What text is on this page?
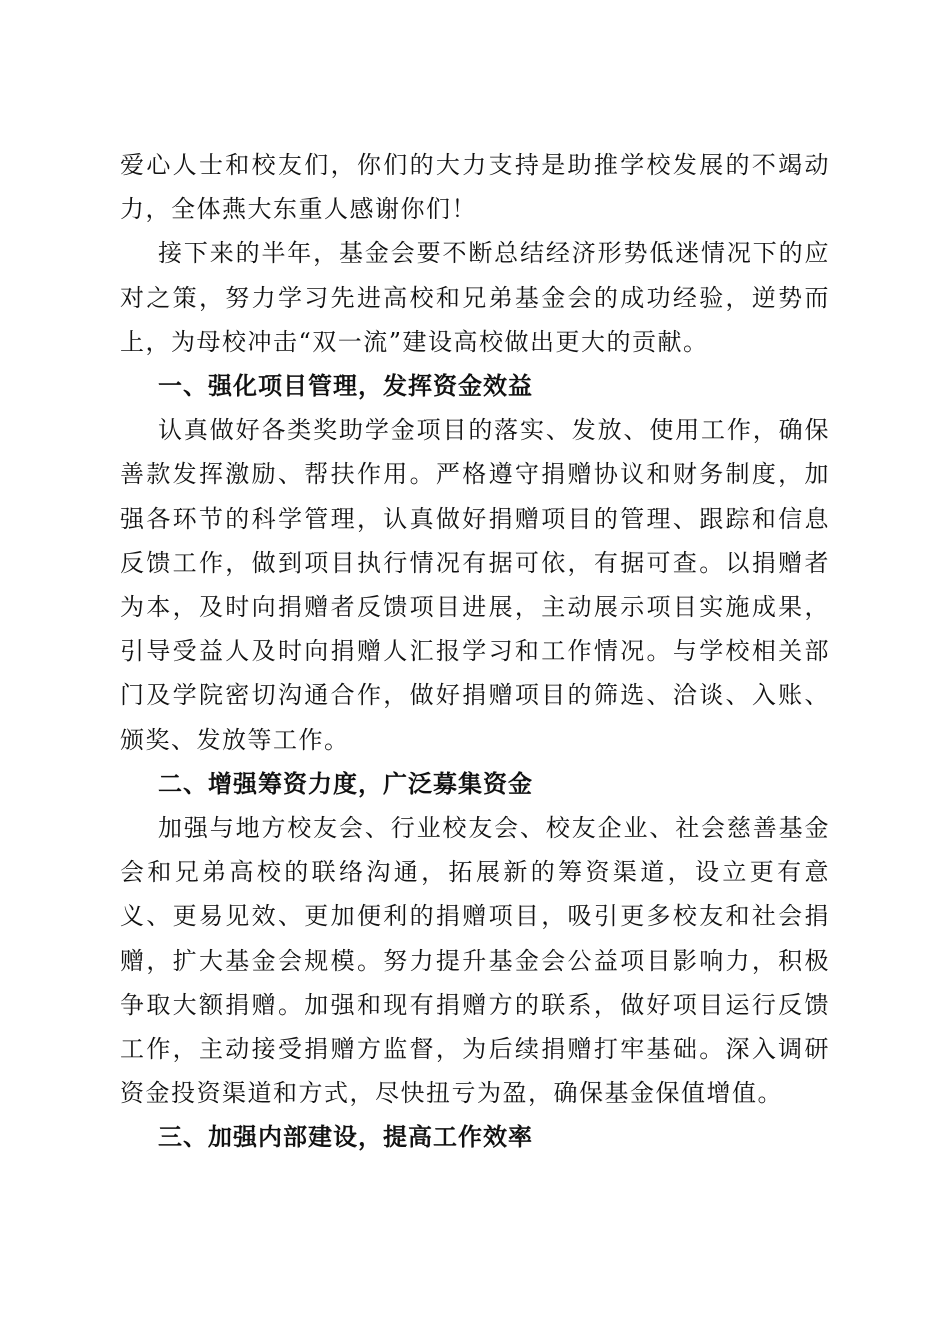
爱心人士和校友们，你们的大力支持是助推学校发展的不竭动力，全体燕大东重人感谢你们！

接下来的半年，基金会要不断总结经济形势低迷情况下的应对之策，努力学习先进高校和兄弟基金会的成功经验，逆势而上，为母校冲击“双一流”建设高校做出更大的贡献。

一、强化项目管理，发挥资金效益

认真做好各类奖助学金项目的落实、发放、使用工作，确保善款发挥激励、帮扶作用。严格遵守捐赠协议和财务制度，加强各环节的科学管理，认真做好捐赠项目的管理、跟踪和信息反馈工作，做到项目执行情况有据可依，有据可查。以捐赠者为本，及时向捐赠者反馈项目进展，主动展示项目实施成果，引导受益人及时向捐赠人汇报学习和工作情况。与学校相关部门及学院密切沟通合作，做好捐赠项目的筛选、洽谈、入账、颁奖、发放等工作。

二、增强筹资力度，广泛募集资金

加强与地方校友会、行业校友会、校友企业、社会慈善基金会和兄弟高校的联络沟通，拓展新的筹资渠道，设立更有意义、更易见效、更加便利的捐赠项目，吸引更多校友和社会捐赠，扩大基金会规模。努力提升基金会公益项目影响力，积极争取大额捐赠。加强和现有捐赠方的联系，做好项目运行反馈工作，主动接受捐赠方监督，为后续捐赠打牢基础。深入调研资金投资渠道和方式，尽快扭亏为盈，确保基金保值增值。

三、加强内部建设，提高工作效率
